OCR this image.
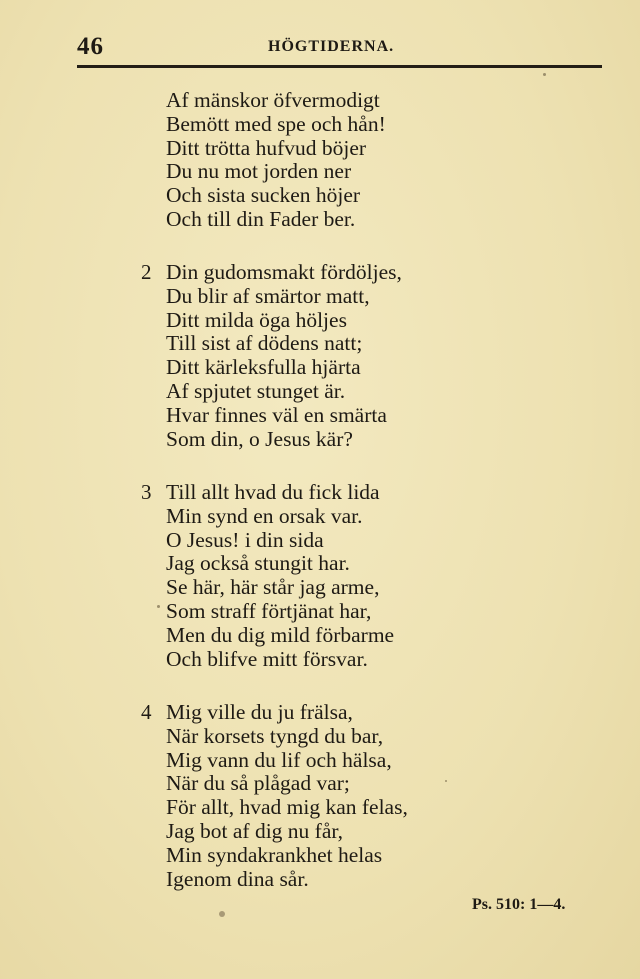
46	HÖGTIDERNA.
Af mänskor öfvermodigt
Bemött med spe och hån!
Ditt trötta hufvud böjer
Du nu mot jorden ner
Och sista sucken höjer
Och till din Fader ber.
2 Din gudomsmakt fördöljes,
Du blir af smärtor matt,
Ditt milda öga höljes
Till sist af dödens natt;
Ditt kärleksfulla hjärta
Af spjutet stunget är.
Hvar finnes väl en smärta
Som din, o Jesus kär?
3 Till allt hvad du fick lida
Min synd en orsak var.
O Jesus! i din sida
Jag också stungit har.
Se här, här står jag arme,
Som straff förtjänat har,
Men du dig mild förbarme
Och blifve mitt försvar.
4 Mig ville du ju frälsa,
När korsets tyngd du bar,
Mig vann du lif och hälsa,
När du så plågad var;
För allt, hvad mig kan felas,
Jag bot af dig nu får,
Min syndakrankhet helas
Igenom dina sår.
Ps. 510: 1—4.
